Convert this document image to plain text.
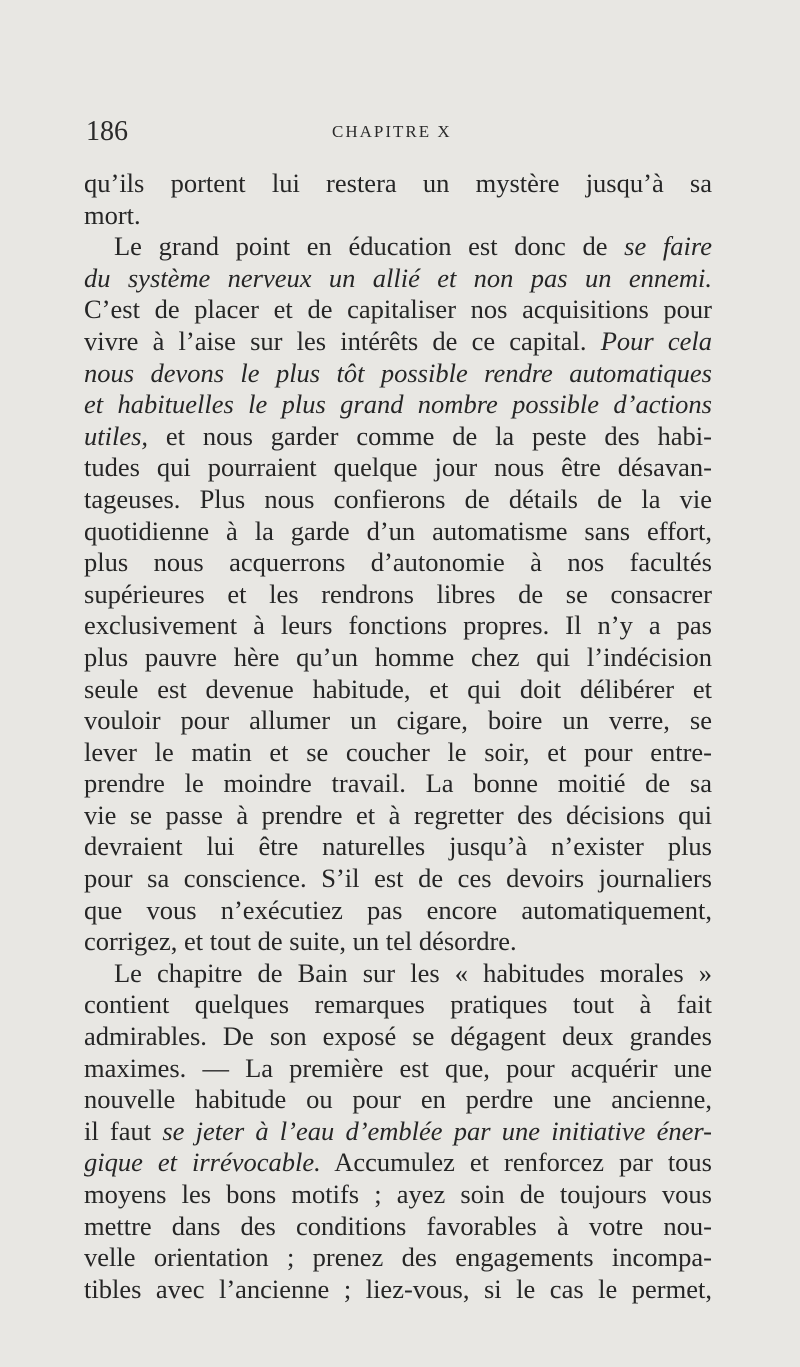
186	CHAPITRE X
qu’ils portent lui restera un mystère jusqu’à sa
mort.
Le grand point en éducation est donc de se faire
du système nerveux un allié et non pas un ennemi.
C’est de placer et de capitaliser nos acquisitions pour
vivre à l’aise sur les intérêts de ce capital. Pour cela
nous devons le plus tôt possible rendre automatiques
et habituelles le plus grand nombre possible d’actions
utiles, et nous garder comme de la peste des habi-
tudes qui pourraient quelque jour nous être désavan-
tageuses. Plus nous confierons de détails de la vie
quotidienne à la garde d’un automatisme sans effort,
plus nous acquerrons d’autonomie à nos facultés
supérieures et les rendrons libres de se consacrer
exclusivement à leurs fonctions propres. Il n’y a pas
plus pauvre hère qu’un homme chez qui l’indécision
seule est devenue habitude, et qui doit délibérer et
vouloir pour allumer un cigare, boire un verre, se
lever le matin et se coucher le soir, et pour entre-
prendre le moindre travail. La bonne moitié de sa
vie se passe à prendre et à regretter des décisions qui
devraient lui être naturelles jusqu’à n’exister plus
pour sa conscience. S’il est de ces devoirs journaliers
que vous n’exécutiez pas encore automatiquement,
corrigez, et tout de suite, un tel désordre.
Le chapitre de Bain sur les « habitudes morales »
contient quelques remarques pratiques tout à fait
admirables. De son exposé se dégagent deux grandes
maximes. — La première est que, pour acquérir une
nouvelle habitude ou pour en perdre une ancienne,
il faut se jeter à l’eau d’emblée par une initiative éner-
gique et irrévocable. Accumulez et renforcez par tous
moyens les bons motifs ; ayez soin de toujours vous
mettre dans des conditions favorables à votre nou-
velle orientation ; prenez des engagements incompa-
tibles avec l’ancienne ; liez-vous, si le cas le permet,
